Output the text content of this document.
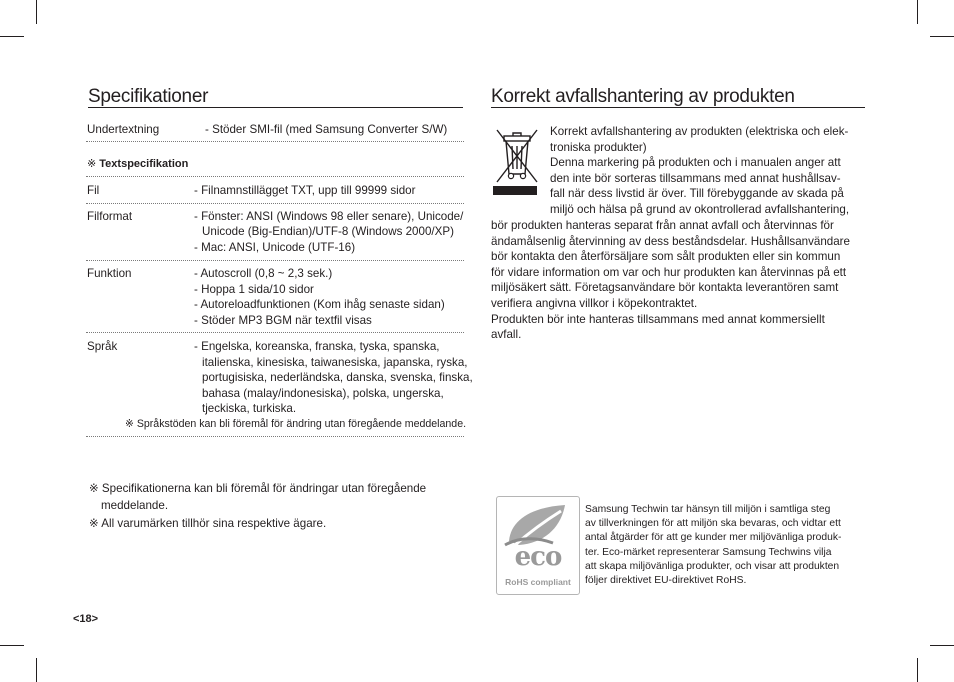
Specifikationer
Undertextning	- Stöder SMI-fil (med Samsung Converter S/W)
※ Textspecifikation
Fil	- Filnamnstillägget TXT, upp till 99999 sidor
Filformat	- Fönster: ANSI (Windows 98 eller senare), Unicode/
Unicode (Big-Endian)/UTF-8 (Windows 2000/XP)
- Mac: ANSI, Unicode (UTF-16)
Funktion	- Autoscroll (0,8 ~ 2,3 sek.)
- Hoppa 1 sida/10 sidor
- Autoreloadfunktionen (Kom ihåg senaste sidan)
- Stöder MP3 BGM när textfil visas
Språk	- Engelska, koreanska, franska, tyska, spanska,
italienska, kinesiska, taiwanesiska, japanska, ryska,
portugisiska, nederländska, danska, svenska, finska,
bahasa (malay/indonesiska), polska, ungerska,
tjeckiska, turkiska.
※ Språkstöden kan bli föremål för ändring utan föregående meddelande.
※ Specifikationerna kan bli föremål för ändringar utan föregående
meddelande.
※ All varumärken tillhör sina respektive ägare.
<18>
Korrekt avfallshantering av produkten
Korrekt avfallshantering av produkten (elektriska och elek-
troniska produkter)
Denna markering på produkten och i manualen anger att
den inte bör sorteras tillsammans med annat hushållsav-
fall när dess livstid är över. Till förebyggande av skada på
miljö och hälsa på grund av okontrollerad avfallshantering,
bör produkten hanteras separat från annat avfall och återvinnas för
ändamålsenlig återvinning av dess beståndsdelar. Hushållsanvändare
bör kontakta den återförsäljare som sålt produkten eller sin kommun
för vidare information om var och hur produkten kan återvinnas på ett
miljösäkert sätt. Företagsanvändare bör kontakta leverantören samt
verifiera angivna villkor i köpekontraktet.
Produkten bör inte hanteras tillsammans med annat kommersiellt
avfall.
eco
RoHS compliant
Samsung Techwin tar hänsyn till miljön i samtliga steg
av tillverkningen för att miljön ska bevaras, och vidtar ett
antal åtgärder för att ge kunder mer miljövänliga produk-
ter. Eco-märket representerar Samsung Techwins vilja
att skapa miljövänliga produkter, och visar att produkten
följer direktivet EU-direktivet RoHS.
